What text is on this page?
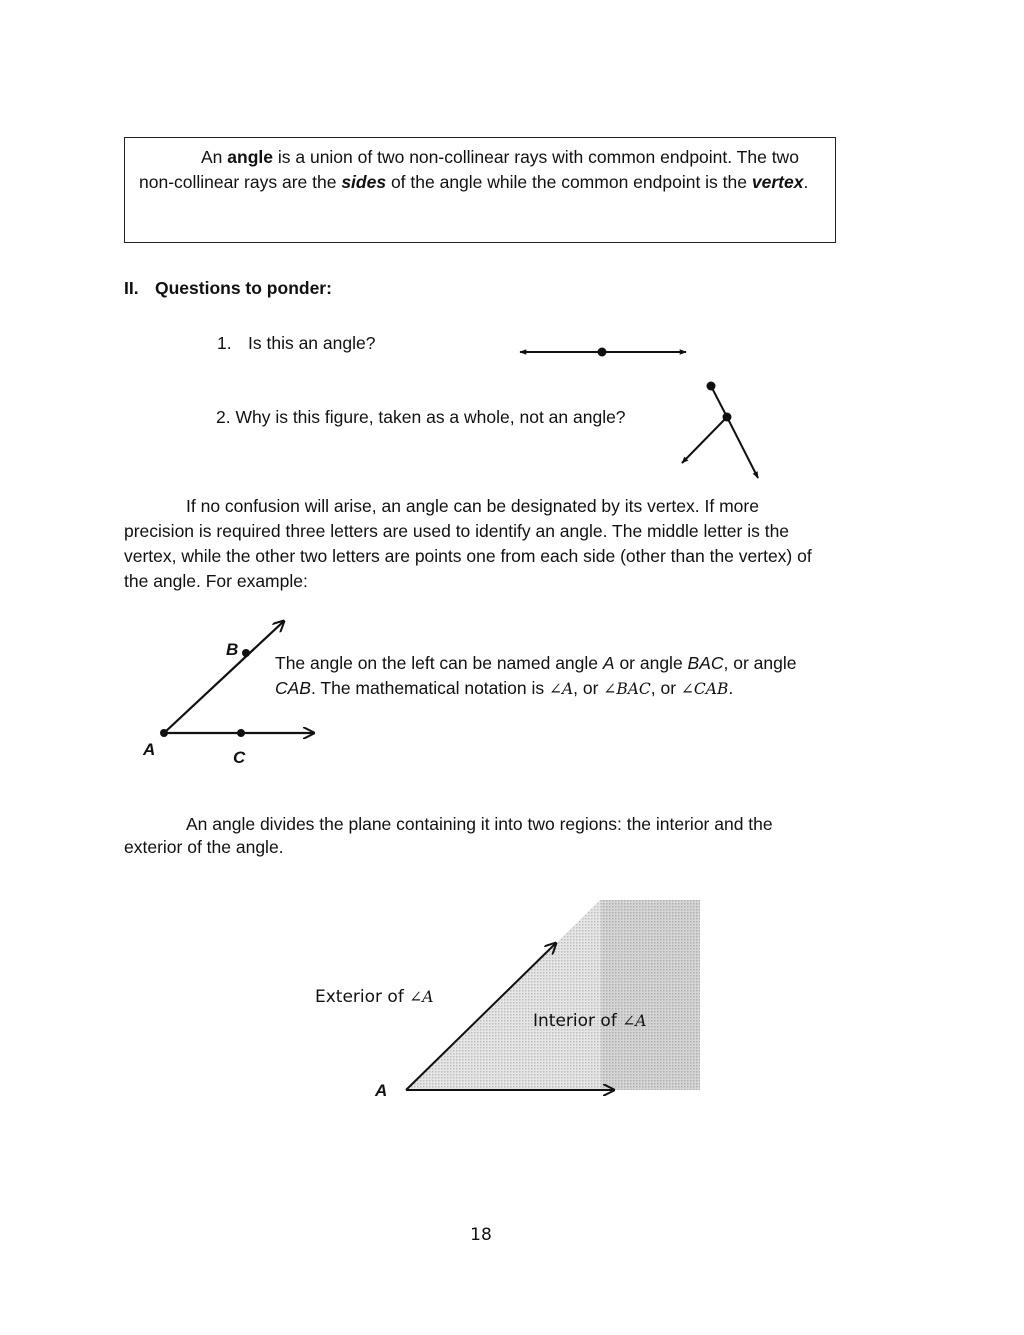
An angle is a union of two non-collinear rays with common endpoint. The two non-collinear rays are the sides of the angle while the common endpoint is the vertex.

II. Questions to ponder:
1. Is this an angle?
2. Why is this figure, taken as a whole, not an angle?

If no confusion will arise, an angle can be designated by its vertex. If more precision is required three letters are used to identify an angle. The middle letter is the vertex, while the other two letters are points one from each side (other than the vertex) of the angle. For example:

B
A	C
The angle on the left can be named angle A or angle BAC, or angle CAB. The mathematical notation is ∠A, or ∠BAC, or ∠CAB.

An angle divides the plane containing it into two regions: the interior and the exterior of the angle.

Exterior of ∠A
Interior of ∠A
A
18
